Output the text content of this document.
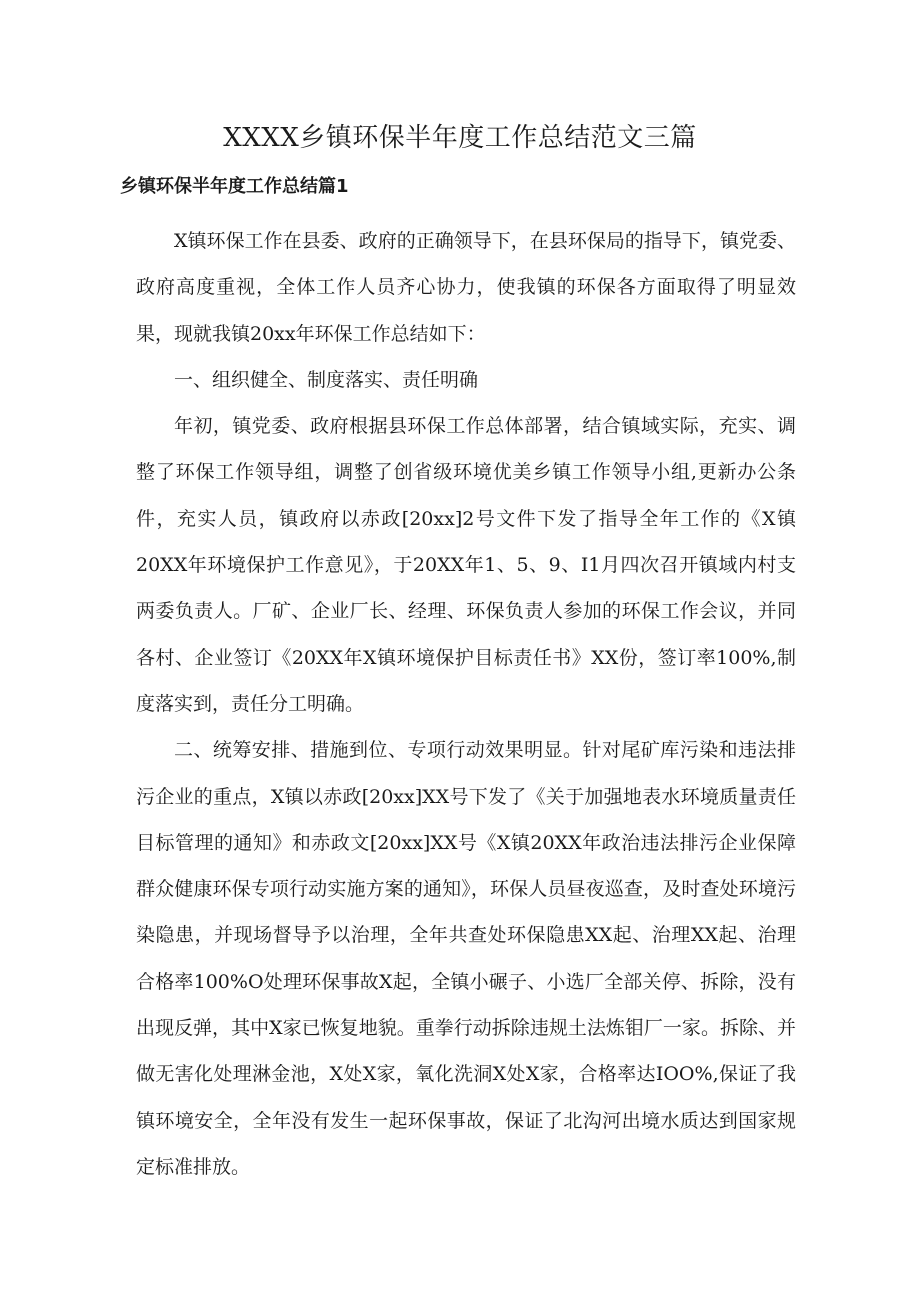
XXXX乡镇环保半年度工作总结范文三篇
乡镇环保半年度工作总结篇1

X镇环保工作在县委、政府的正确领导下，在县环保局的指导下，镇党委、政府高度重视，全体工作人员齐心协力，使我镇的环保各方面取得了明显效果，现就我镇20xx年环保工作总结如下：

一、组织健全、制度落实、责任明确

年初，镇党委、政府根据县环保工作总体部署，结合镇域实际，充实、调整了环保工作领导组，调整了创省级环境优美乡镇工作领导小组,更新办公条件，充实人员，镇政府以赤政[20xx]2号文件下发了指导全年工作的《X镇20XX年环境保护工作意见》，于20XX年1、5、9、I1月四次召开镇域内村支两委负责人。厂矿、企业厂长、经理、环保负责人参加的环保工作会议，并同各村、企业签订《20XX年X镇环境保护目标责任书》XX份，签订率100%,制度落实到，责任分工明确。

二、统筹安排、措施到位、专项行动效果明显。针对尾矿库污染和违法排污企业的重点，X镇以赤政[20xx]XX号下发了《关于加强地表水环境质量责任目标管理的通知》和赤政文[20xx]XX号《X镇20XX年政治违法排污企业保障群众健康环保专项行动实施方案的通知》，环保人员昼夜巡查，及时查处环境污染隐患，并现场督导予以治理，全年共查处环保隐患XX起、治理XX起、治理合格率100%O处理环保事故X起，全镇小碾子、小选厂全部关停、拆除，没有出现反弹，其中X家已恢复地貌。重拳行动拆除违规土法炼钼厂一家。拆除、并做无害化处理淋金池，X处X家，氧化洗洞X处X家，合格率达IOO%,保证了我镇环境安全，全年没有发生一起环保事故，保证了北沟河出境水质达到国家规定标准排放。
